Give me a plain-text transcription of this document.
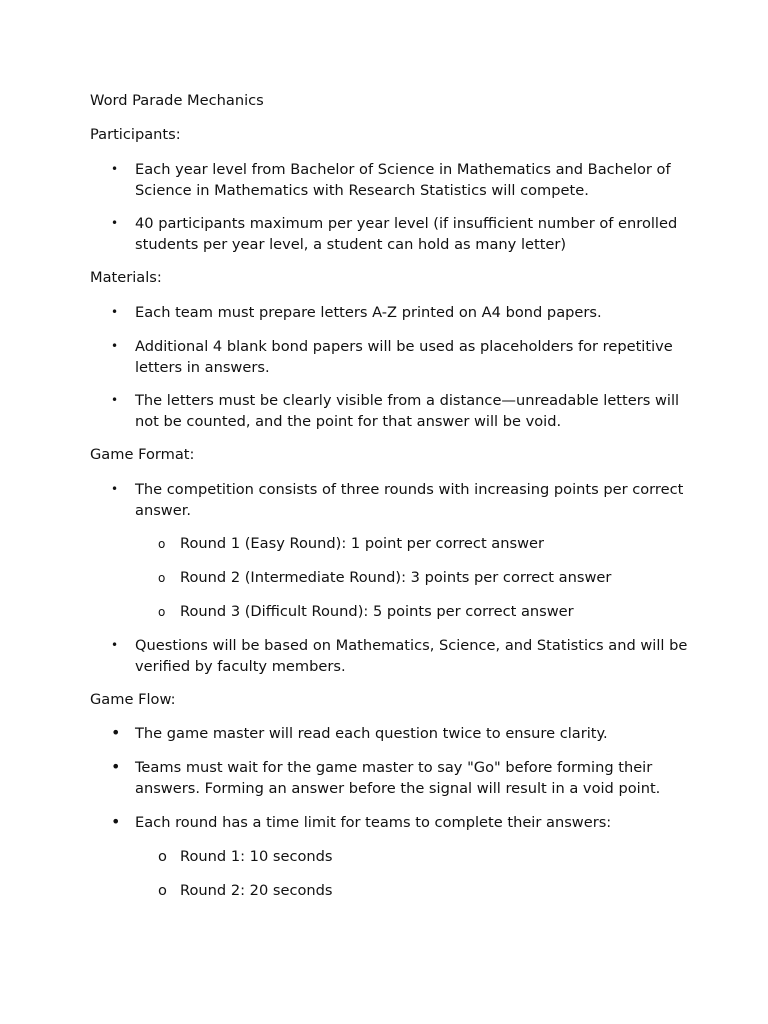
Word Parade Mechanics

Participants:

• Each year level from Bachelor of Science in Mathematics and Bachelor of Science in Mathematics with Research Statistics will compete.
• 40 participants maximum per year level (if insufficient number of enrolled students per year level, a student can hold as many letter)

Materials:

• Each team must prepare letters A-Z printed on A4 bond papers.
• Additional 4 blank bond papers will be used as placeholders for repetitive letters in answers.
• The letters must be clearly visible from a distance—unreadable letters will not be counted, and the point for that answer will be void.

Game Format:

• The competition consists of three rounds with increasing points per correct answer.
o Round 1 (Easy Round): 1 point per correct answer
o Round 2 (Intermediate Round): 3 points per correct answer
o Round 3 (Difficult Round): 5 points per correct answer
• Questions will be based on Mathematics, Science, and Statistics and will be verified by faculty members.

Game Flow:

• The game master will read each question twice to ensure clarity.
• Teams must wait for the game master to say "Go" before forming their answers. Forming an answer before the signal will result in a void point.
• Each round has a time limit for teams to complete their answers:
o Round 1: 10 seconds
o Round 2: 20 seconds
